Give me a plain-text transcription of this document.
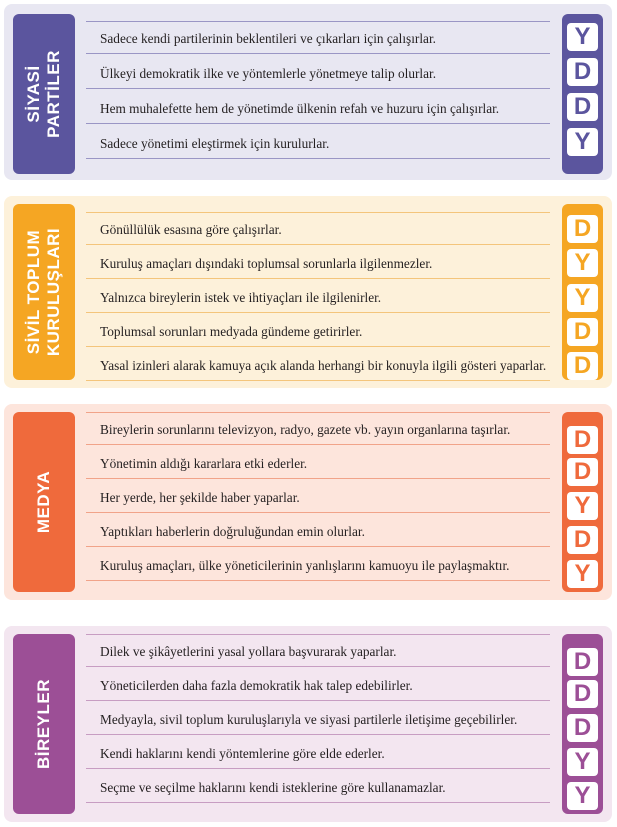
SİYASİ PARTİLER
Sadece kendi partilerinin beklentileri ve çıkarları için çalışırlar.
Ülkeyi demokratik ilke ve yöntemlerle yönetmeye talip olurlar.
Hem muhalefette hem de yönetimde ülkenin refah ve huzuru için çalışırlar.
Sadece yönetimi eleştirmek için kurulurlar.
Y
D
D
Y
SİVİL TOPLUM KURULUŞLARI	Gönüllülük esasına göre çalışırlar.
Kuruluş amaçları dışındaki toplumsal sorunlarla ilgilenmezler.
Yalnızca bireylerin istek ve ihtiyaçları ile ilgilenirler.
Toplumsal sorunları medyada gündeme getirirler.
Yasal izinleri alarak kamuya açık alanda herhangi bir konuyla ilgili gösteri yaparlar.
D
Y
Y
D
D
MEDYA
Bireylerin sorunlarını televizyon, radyo, gazete vb. yayın organlarına taşırlar.
Yönetimin aldığı kararlara etki ederler.
Her yerde, her şekilde haber yaparlar.
Yaptıkları haberlerin doğruluğundan emin olurlar.
Kuruluş amaçları, ülke yöneticilerinin yanlışlarını kamuoyu ile paylaşmaktır.
D
D
Y
D
Y
BİREYLER
Dilek ve şikâyetlerini yasal yollara başvurarak yaparlar.
Yöneticilerden daha fazla demokratik hak talep edebilirler.
Medyayla, sivil toplum kuruluşlarıyla ve siyasi partilerle iletişime geçebilirler.
Kendi haklarını kendi yöntemlerine göre elde ederler.
Seçme ve seçilme haklarını kendi isteklerine göre kullanamazlar.
D
D
D
Y
Y
